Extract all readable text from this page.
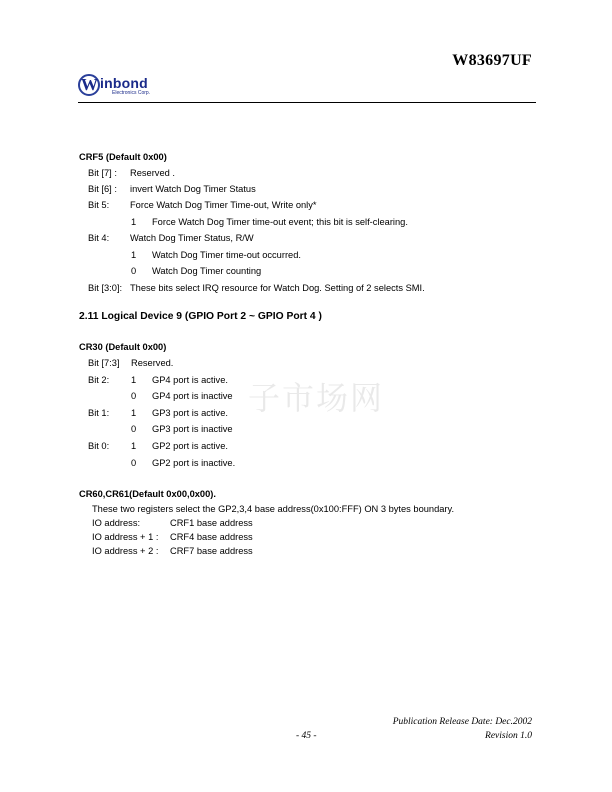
W83697UF
W inbond
Electronics Corp.
子市场网
CRF5 (Default 0x00)
Bit [7] : Reserved .
Bit [6] : invert Watch Dog Timer Status
Bit 5: Force Watch Dog Timer Time-out, Write only*
1 Force Watch Dog Timer time-out event; this bit is self-clearing.
Bit 4: Watch Dog Timer Status, R/W
1 Watch Dog Timer time-out occurred.
0 Watch Dog Timer counting
Bit [3:0]: These bits select IRQ resource for Watch Dog. Setting of 2 selects SMI.
2.11 Logical Device 9 (GPIO Port 2 ~ GPIO Port 4 )
CR30 (Default 0x00)
Bit [7:3] Reserved.
Bit 2: 1 GP4 port is active.
0 GP4 port is inactive
Bit 1: 1 GP3 port is active.
0 GP3 port is inactive
Bit 0: 1 GP2 port is active.
0 GP2 port is inactive.
CR60,CR61(Default 0x00,0x00).
These two registers select the GP2,3,4 base address(0x100:FFF) ON 3 bytes boundary.
IO address:	CRF1 base address
IO address + 1 : CRF4 base address
IO address + 2 : CRF7 base address
Publication Release Date: Dec.2002
- 45 -	Revision 1.0
